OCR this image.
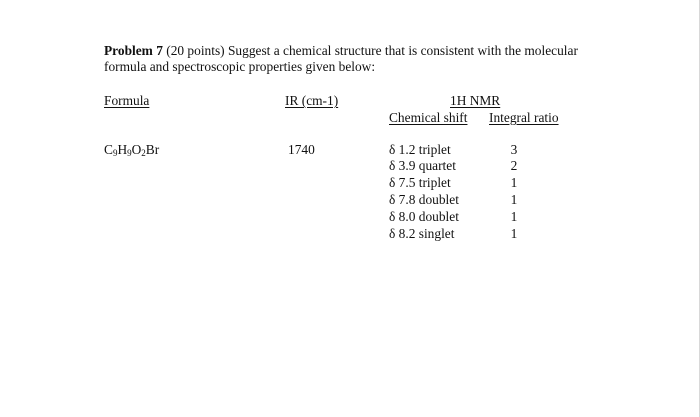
Problem 7 (20 points) Suggest a chemical structure that is consistent with the molecular
formula and spectroscopic properties given below:
Formula	IR (cm-1)	1H NMR
Chemical shift Integral ratio
$C_9H_9O_2Br$	1740	δ 1.2 triplet	3
δ 3.9 quartet	2
δ 7.5 triplet	1
δ 7.8 doublet	1
δ 8.0 doublet	1
δ 8.2 singlet	1
